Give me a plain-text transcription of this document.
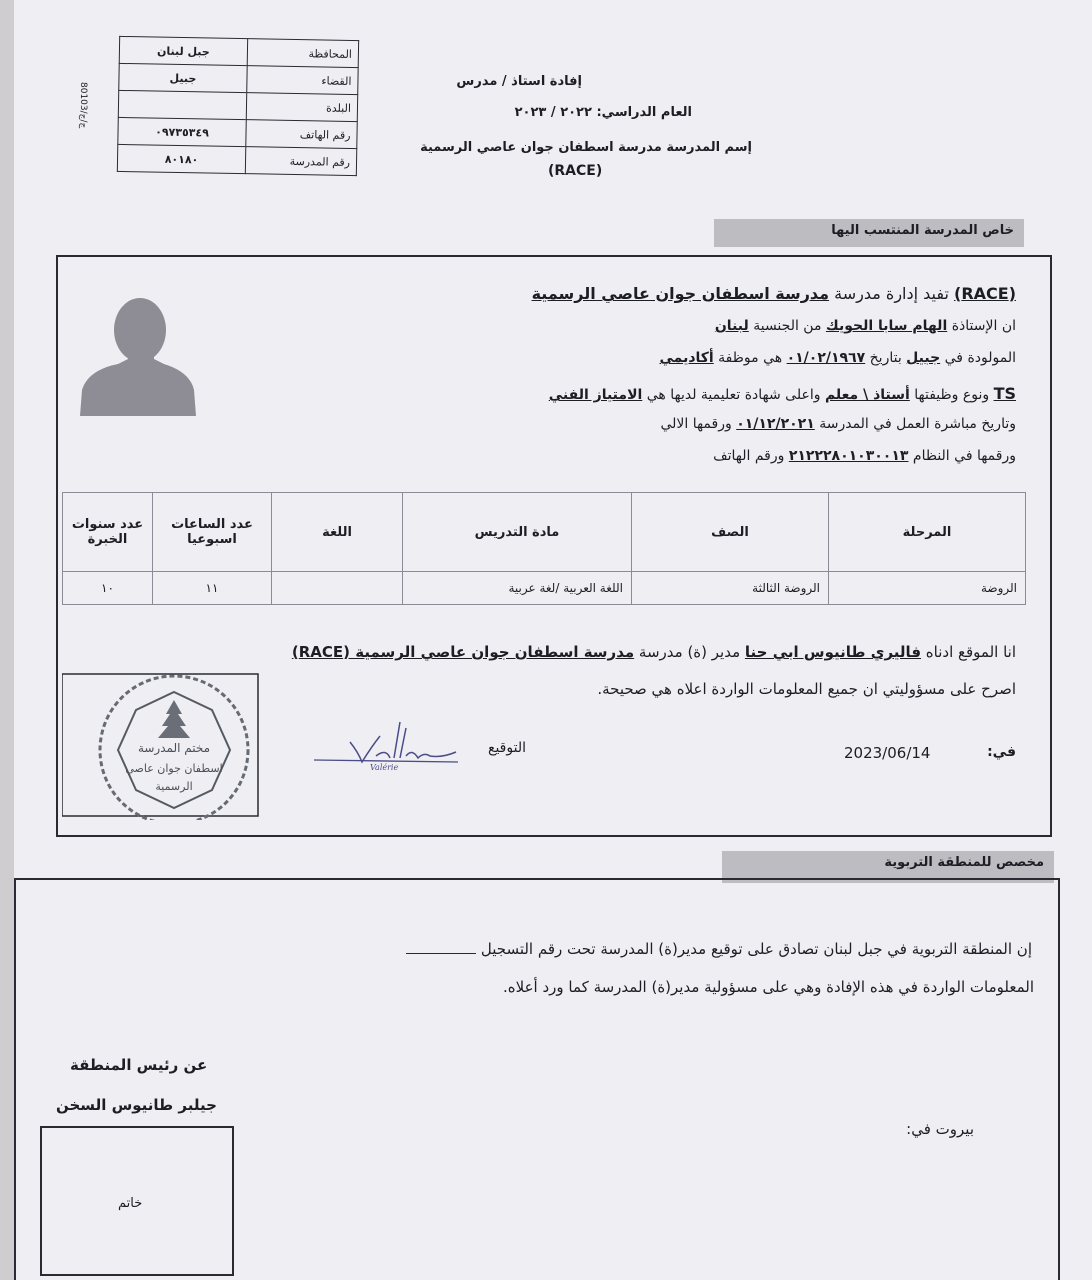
المحافظة	جبل لبنان
القضاء	جبيل
البلدة	
رقم الهاتف	٠٩٧٣٥٣٤٩
رقم المدرسة	٨٠١٨٠
80103/ج/ج
إفادة استاذ / مدرس
العام الدراسي: ٢٠٢٢ / ٢٠٢٣
إسم المدرسة مدرسة اسطفان جوان عاصي الرسمية
(RACE)
خاص المدرسة المنتسب اليها
(RACE) تفيد إدارة مدرسة مدرسة اسطفان جوان عاصي الرسمية
ان الإستاذة الهام سابا الحويك من الجنسية لبنان
المولودة في جبيل بتاريخ ٠١/٠٢/١٩٦٧ هي موظفة أكاديمي
TS ونوع وظيفتها أستاذ \ معلم واعلى شهادة تعليمية لديها هي الامتياز الفني
وتاريخ مباشرة العمل في المدرسة ٠١/١٢/٢٠٢١ ورقمها الالي
ورقمها في النظام ٢١٢٢٢٨٠١٠٣٠٠١٣ ورقم الهاتف
المرحلة	الصف	مادة التدريس	اللغة	عدد الساعات اسبوعيا	عدد سنوات الخبرة
الروضة	الروضة الثالثة	اللغة العربية /لغة عربية		١١	١٠
انا الموقع ادناه فاليري طانيوس ابي حنا مدير (ة) مدرسة مدرسة اسطفان جوان عاصي الرسمية (RACE)
اصرح على مسؤوليتي ان جميع المعلومات الواردة اعلاه هي صحيحة.
التوقيع	في:
2023/06/14
Valérie
مختم المدرسة
اسطفان جوان عاصي
الرسمية
مخصص للمنطقة التربوية
إن المنطقة التربوية في جبل لبنان تصادق على توقيع مدير(ة) المدرسة تحت رقم التسجيل
المعلومات الواردة في هذه الإفادة وهي على مسؤولية مدير(ة) المدرسة كما ورد أعلاه.
عن رئيس المنطقة
جيلبر طانيوس السخن
بيروت في:
خاتم
